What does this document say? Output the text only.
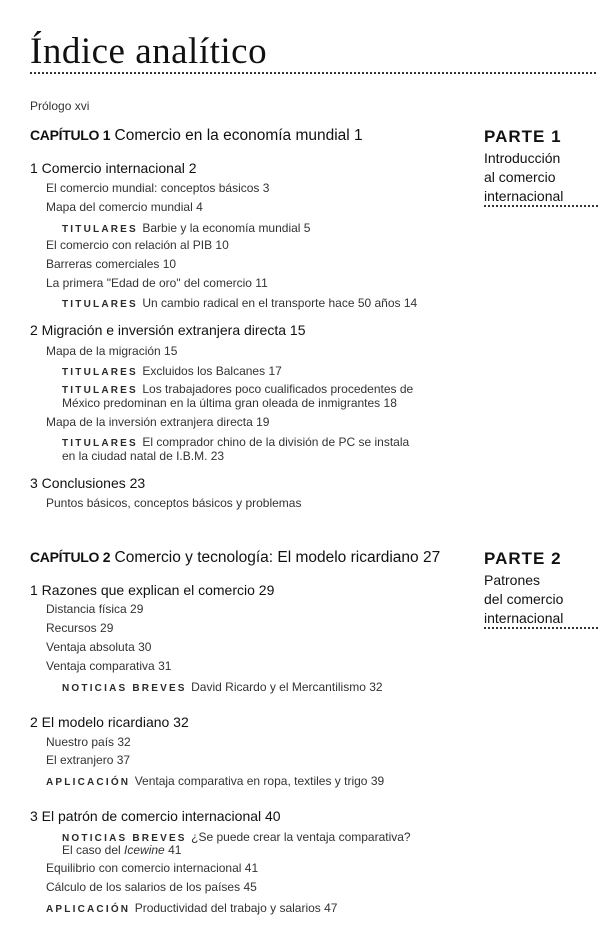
Índice analítico
Prólogo xvi
PARTE 1
Introducción
al comercio
internacional
CAPÍTULO 1 Comercio en la economía mundial 1
1 Comercio internacional 2
El comercio mundial: conceptos básicos 3
Mapa del comercio mundial 4
TITULARES Barbie y la economía mundial 5
El comercio con relación al PIB 10
Barreras comerciales 10
La primera "Edad de oro" del comercio 11
TITULARES Un cambio radical en el transporte hace 50 años 14
2 Migración e inversión extranjera directa 15
Mapa de la migración 15
TITULARES Excluidos los Balcanes 17
TITULARES Los trabajadores poco cualificados procedentes de
México predominan en la última gran oleada de inmigrantes 18
Mapa de la inversión extranjera directa 19
TITULARES El comprador chino de la división de PC se instala
en la ciudad natal de I.B.M. 23
3 Conclusiones 23
Puntos básicos, conceptos básicos y problemas
PARTE 2
Patrones
del comercio
internacional
CAPÍTULO 2 Comercio y tecnología: El modelo ricardiano 27
1 Razones que explican el comercio 29
Distancia física 29
Recursos 29
Ventaja absoluta 30
Ventaja comparativa 31
NOTICIAS BREVES David Ricardo y el Mercantilismo 32
2 El modelo ricardiano 32
Nuestro país 32
El extranjero 37
APLICACIÓN Ventaja comparativa en ropa, textiles y trigo 39
3 El patrón de comercio internacional 40
NOTICIAS BREVES ¿Se puede crear la ventaja comparativa?
El caso del Icewine 41
Equilibrio con comercio internacional 41
Cálculo de los salarios de los países 45
APLICACIÓN Productividad del trabajo y salarios 47
